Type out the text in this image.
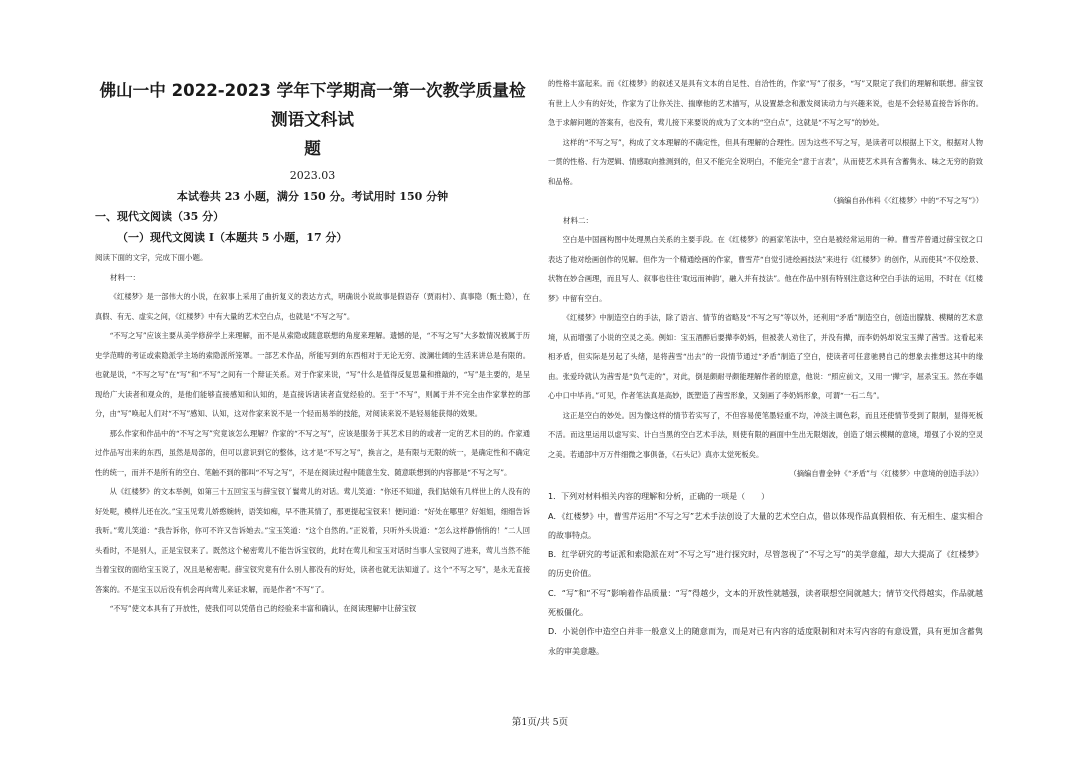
佛山一中 2022-2023 学年下学期高一第一次教学质量检测语文科试
题
2023.03
本试卷共 23 小题，满分 150 分。考试用时 150 分钟
一、现代文阅读（35 分）
（一）现代文阅读 I（本题共 5 小题，17 分）

阅读下面的文字，完成下面小题。

材料一：

《红楼梦》是一部伟大的小说，在叙事上采用了曲折复义的表达方式，明确说小说故事是假语存（贾雨村）、真事隐（甄士隐），在真假、有无、虚实之间，《红楼梦》中有大量的艺术空白点，也就是“不写之写”。

“不写之写”应该主要从美学修辞学上来理解，而不是从索隐或随意联想的角度来理解。遗憾的是，“不写之写”大多数情况被属于历史学范畴的考证或索隐派学主场的索隐派所笼罩。一部艺术作品，所能写到的东西相对于无论无穷、波澜壮阔的生活来讲总是有限的。也就是说，“不写之写”在“写”和“不写”之间有一个辩证关系。对于作家来说，“写”什么是值得反复思量和推敲的，“写”是主要的，是呈现给广大读者和观众的，是他们能够直接感知和认知的，是直接诉诸读者直觉经验的。至于“不写”，则属于并不完全由作家掌控的部分，由“写”唤起人们对“不写”感知、认知，这对作家来说不是一个轻而易举的技能，对阅读来说不是轻易能获得的效果。

那么作家和作品中的“不写之写”究竟该怎么理解？作家的“不写之写”，应该是服务于其艺术目的的或者一定的艺术目的的。作家通过作品写出来的东西，虽然是局部的，但可以意识到它的整体，这才是“不写之写”，换言之，是有限与无限的统一，是确定性和不确定性的统一，而并不是所有的空白、笔触不到的都叫“不写之写”，不是在阅读过程中随意生发、随意联想到的内容都是“不写之写”。

从《红楼梦》的文本举例，如第三十五回宝玉与薛宝钗丫鬟莺儿的对话。莺儿笑道：“你还不知道，我们姑娘有几样世上的人没有的好处呢，模样儿还在次。”宝玉见莺儿娇憨婉转，语笑如痴，早不胜其情了，那更提起宝钗来！便问道：“好处在哪里？好姐姐，细细告诉我听。”莺儿笑道：“我告诉你，你可不许又告诉她去。”宝玉笑道：“这个自然的。”正说着，只听外头说道：“怎么这样静悄悄的！”二人回头看时，不是别人，正是宝钗来了。既然这个秘密莺儿不能告诉宝钗的，此时在莺儿和宝玉对话时当事人宝钗闯了进来，莺儿当然不能当着宝钗的面给宝玉说了，况且是秘密呢。薛宝钗究竟有什么别人都没有的好处，读者也就无法知道了。这个“不写之写”，是永无直接答案的。不是宝玉以后没有机会再向莺儿来证求解，而是作者“不写”了。

“不写”使文本具有了开放性，使我们可以凭借自己的经验来丰富和确认，在阅读理解中让薛宝钗

的性格丰富起来。而《红楼梦》的叙述又是具有文本的自足性、自洽性的，作家“写”了很多，“写”又限定了我们的理解和联想。薛宝钗有世上人少有的好处，作家为了让你关注、揣摩他的艺术描写，从设置悬念和激发阅读动力与兴趣来说，也是不会轻易直接告诉你的。急于求解问题的答案有，也没有，莺儿接下来要说的成为了文本的“空白点”，这就是“不写之写”的妙处。

这样的“不写之写”，构成了文本理解的不确定性，但具有理解的合理性。因为这些不写之写，是读者可以根据上下文，根据对人物一贯的性格、行为逻辑、情感取向推测到的，但又不能完全说明白，不能完全“意于言表”，从而使艺术具有含蓄隽永、味之无穷的韵致和品格。

（摘编自孙伟科《〈红楼梦〉中的“不写之写”》）

材料二：

空白是中国画构图中处理黑白关系的主要手段。在《红楼梦》的画家笔法中，空白是被经常运用的一种。曹雪芹曾通过薛宝钗之口表达了他对绘画创作的见解。但作为一个精通绘画的作家，曹雪芹“自觉引进绘画技法”来进行《红楼梦》的创作，从而使其“不仅绘景、状物在妙合画理，而且写人、叙事也往往‘取远而神韵’，融入并有技法”。他在作品中别有特别注意这种空白手法的运用，不时在《红楼梦》中留有空白。

《红楼梦》中制造空白的手法，除了语言、情节的省略及“不写之写”等以外，还利用“矛盾”制造空白，创造出朦胧、模糊的艺术意境，从而增强了小说的空灵之美。例如：宝玉酒醉后要撵李奶妈，但被袭人劝住了，并没有撵，而李奶妈却说宝玉撵了茜雪。这看起来相矛盾，但实际是另起了头绪，是将茜雪“出去”的一段情节通过“矛盾”制造了空白，使读者可任意驰骋自己的想象去推想这其中的缘由。张爱玲就认为茜雪是“负气走的”，对此，倒是颇耐寻颇能理解作者的原意，他说：“照应前文，又用一‘撵’字，屈杀宝玉。然在李媪心中口中毕肖。”可见，作者笔法真是高妙，既塑造了茜雪形象，又刻画了李奶妈形象，可谓“一石二鸟”。

这正是空白的妙处。因为像这样的情节若实写了，不但容易使笔墨轻重不均，冲淡主调色彩，而且还使情节受到了限制，显得死板不活。而这里运用以虚写实、计白当黑的空白艺术手法，则使有限的画面中生出无限烟波，创造了烟云模糊的意境，增强了小说的空灵之美。若通部中万万件细微之事俱备，《石头记》真亦太觉死板矣。

（摘编自曹金钟《“矛盾”与〈红楼梦〉中意境的创造手法》）
1．下列对材料相关内容的理解和分析，正确的一项是（　　）

A．《红楼梦》中，曹雪芹运用“不写之写”艺术手法创设了大量的艺术空白点，借以体现作品真假相依、有无相生、虚实相合的故事特点。

B．红学研究的考证派和索隐派在对“不写之写”进行探究时，尽管忽视了“不写之写”的美学意蕴，却大大提高了《红楼梦》的历史价值。

C．“写”和“不写”影响着作品质量：“写”得越少，文本的开放性就越强，读者联想空间就越大；情节交代得越实，作品就越死板僵化。

D．小说创作中造空白并非一般意义上的随意而为，而是对已有内容的适度限制和对未写内容的有意设置，具有更加含蓄隽永的审美意趣。

第1页/共 5页
